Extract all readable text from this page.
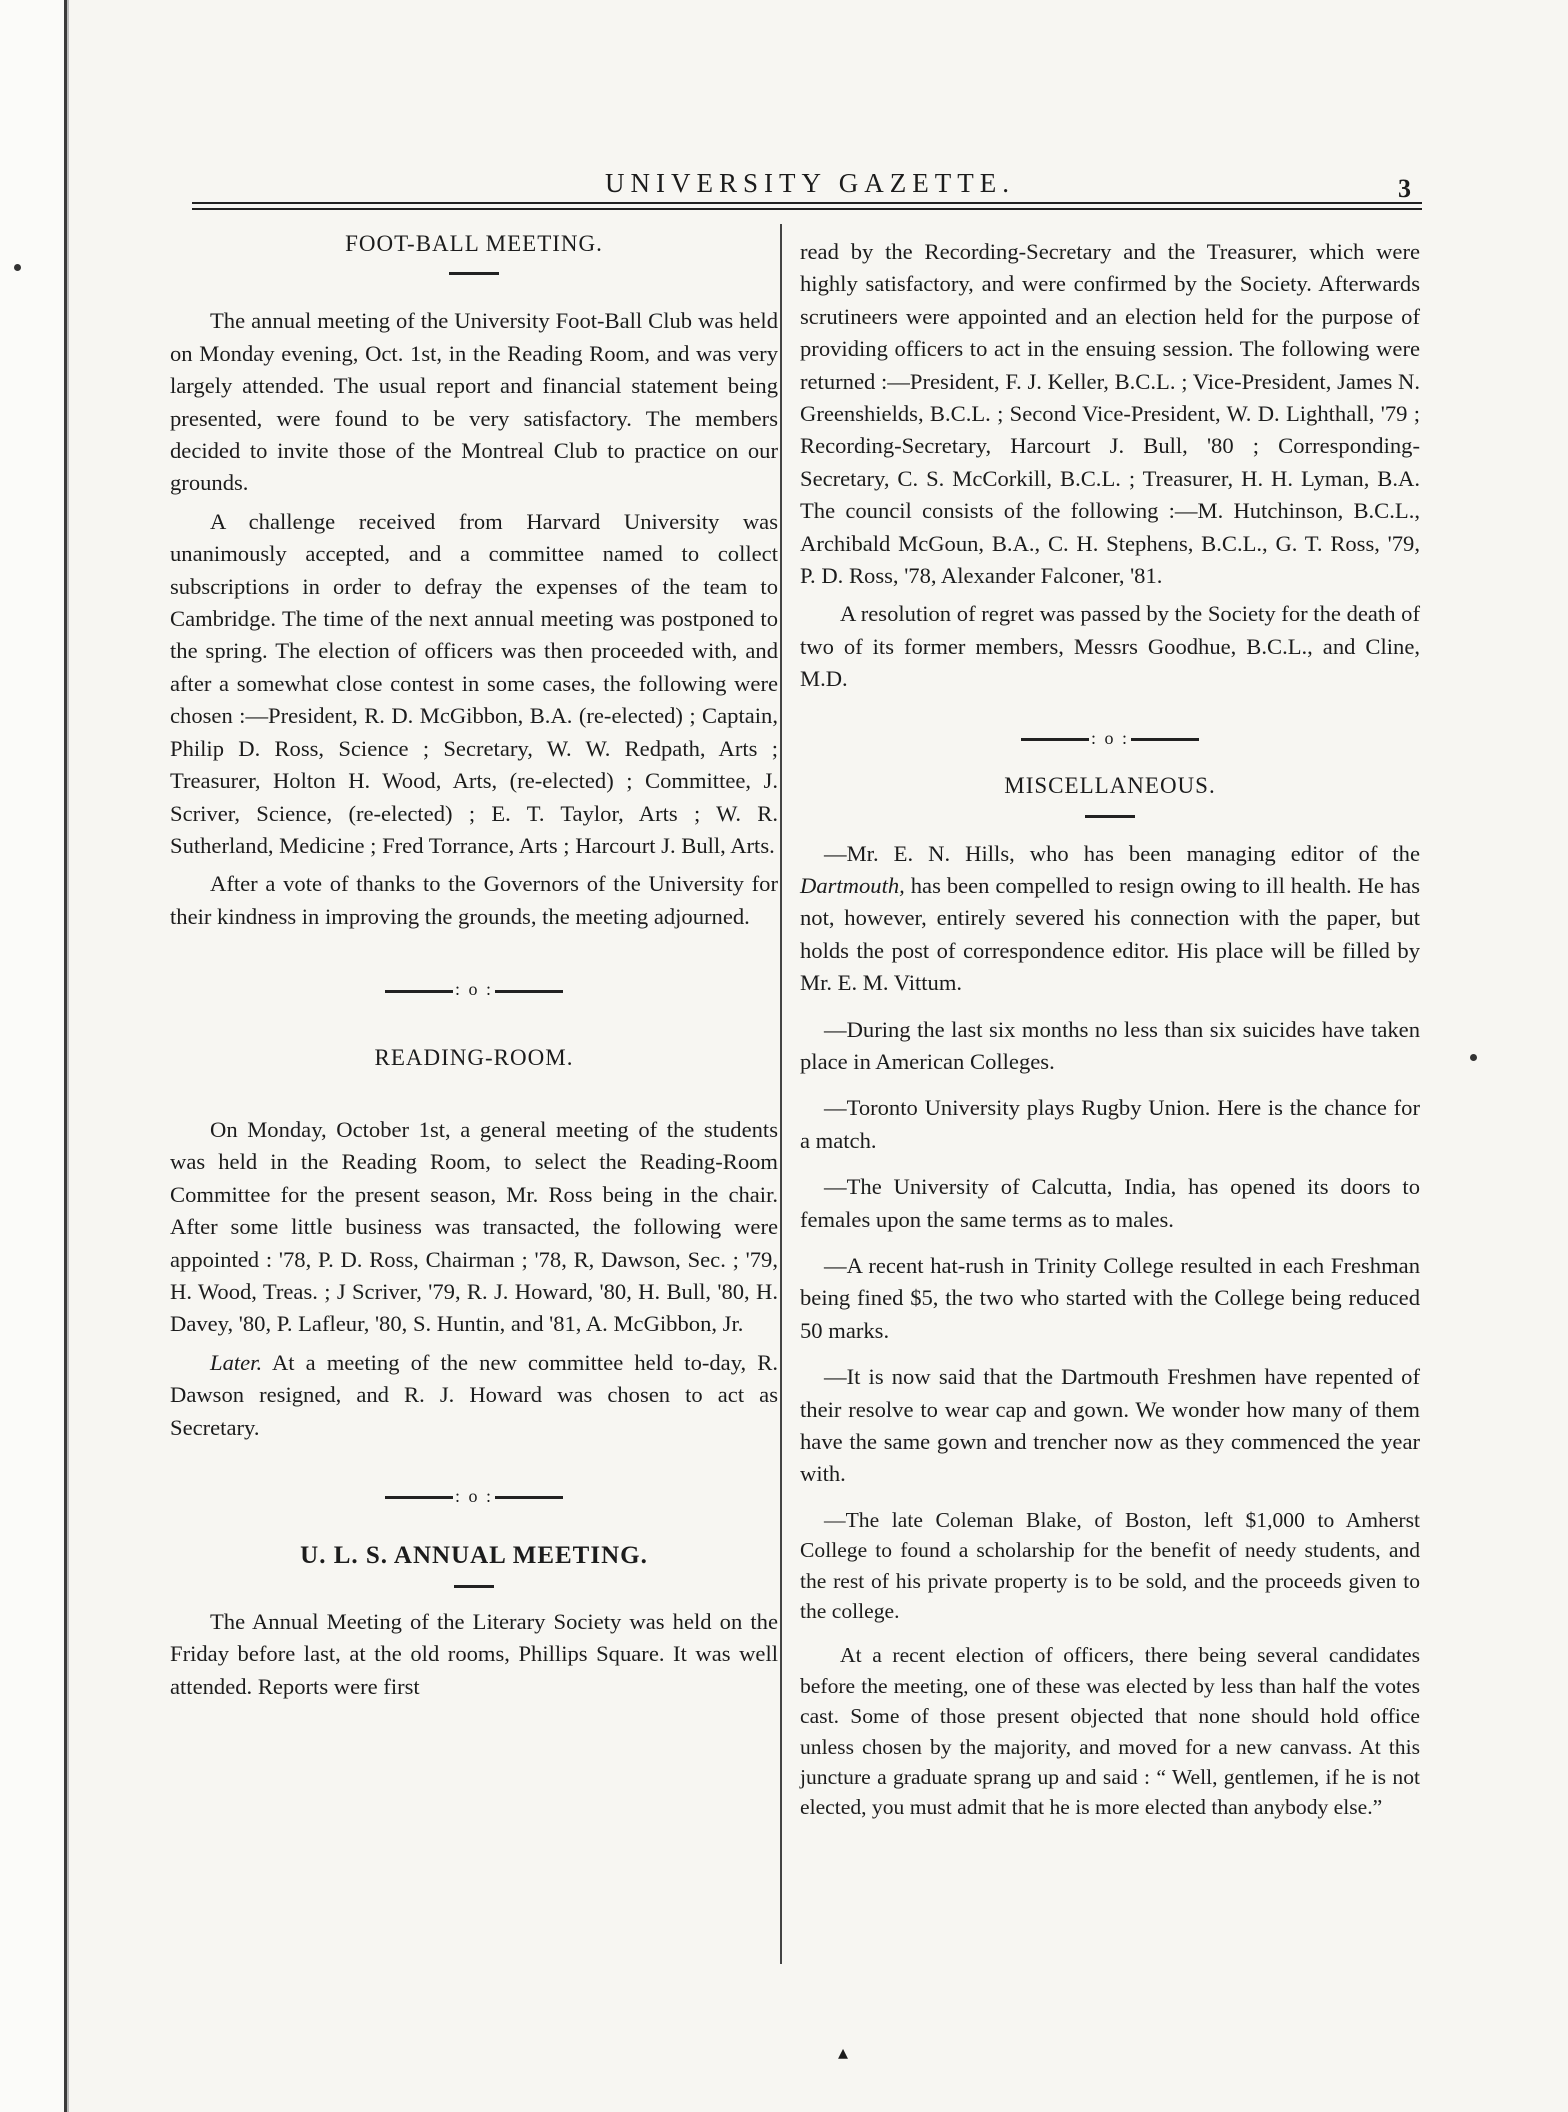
UNIVERSITY GAZETTE.	3
FOOT-BALL MEETING.

The annual meeting of the University Foot-Ball Club was held on Monday evening, Oct. 1st, in the Reading Room, and was very largely attended. The usual report and financial statement being presented, were found to be very satisfactory. The members decided to invite those of the Montreal Club to practice on our grounds.

A challenge received from Harvard University was unanimously accepted, and a committee named to collect subscriptions in order to defray the expenses of the team to Cambridge. The time of the next annual meeting was postponed to the spring. The election of officers was then proceeded with, and after a somewhat close contest in some cases, the following were chosen :—President, R. D. McGibbon, B.A. (re-elected) ; Captain, Philip D. Ross, Science ; Secretary, W. W. Redpath, Arts ; Treasurer, Holton H. Wood, Arts, (re-elected) ; Committee, J. Scriver, Science, (re-elected) ; E. T. Taylor, Arts ; W. R. Sutherland, Medicine ; Fred Torrance, Arts ; Harcourt J. Bull, Arts.

After a vote of thanks to the Governors of the University for their kindness in improving the grounds, the meeting adjourned.

: o :
READING-ROOM.

On Monday, October 1st, a general meeting of the students was held in the Reading Room, to select the Reading-Room Committee for the present season, Mr. Ross being in the chair. After some little business was transacted, the following were appointed : '78, P. D. Ross, Chairman ; '78, R, Dawson, Sec. ; '79, H. Wood, Treas. ; J Scriver, '79, R. J. Howard, '80, H. Bull, '80, H. Davey, '80, P. Lafleur, '80, S. Huntin, and '81, A. McGibbon, Jr.

Later. At a meeting of the new committee held to-day, R. Dawson resigned, and R. J. Howard was chosen to act as Secretary.

: o :
U. L. S. ANNUAL MEETING.

The Annual Meeting of the Literary Society was held on the Friday before last, at the old rooms, Phillips Square. It was well attended. Reports were first

read by the Recording-Secretary and the Treasurer, which were highly satisfactory, and were confirmed by the Society. Afterwards scrutineers were appointed and an election held for the purpose of providing officers to act in the ensuing session. The following were returned :—President, F. J. Keller, B.C.L. ; Vice-President, James N. Greenshields, B.C.L. ; Second Vice-President, W. D. Lighthall, '79 ; Recording-Secretary, Harcourt J. Bull, '80 ; Corresponding-Secretary, C. S. McCorkill, B.C.L. ; Treasurer, H. H. Lyman, B.A. The council consists of the following :—M. Hutchinson, B.C.L., Archibald McGoun, B.A., C. H. Stephens, B.C.L., G. T. Ross, '79, P. D. Ross, '78, Alexander Falconer, '81.

A resolution of regret was passed by the Society for the death of two of its former members, Messrs Goodhue, B.C.L., and Cline, M.D.

: o :
MISCELLANEOUS.

—Mr. E. N. Hills, who has been managing editor of the Dartmouth, has been compelled to resign owing to ill health. He has not, however, entirely severed his connection with the paper, but holds the post of correspondence editor. His place will be filled by Mr. E. M. Vittum.

—During the last six months no less than six suicides have taken place in American Colleges.

—Toronto University plays Rugby Union. Here is the chance for a match.

—The University of Calcutta, India, has opened its doors to females upon the same terms as to males.

—A recent hat-rush in Trinity College resulted in each Freshman being fined $5, the two who started with the College being reduced 50 marks.

—It is now said that the Dartmouth Freshmen have repented of their resolve to wear cap and gown. We wonder how many of them have the same gown and trencher now as they commenced the year with.

—The late Coleman Blake, of Boston, left $1,000 to Amherst College to found a scholarship for the benefit of needy students, and the rest of his private property is to be sold, and the proceeds given to the college.

At a recent election of officers, there being several candidates before the meeting, one of these was elected by less than half the votes cast. Some of those present objected that none should hold office unless chosen by the majority, and moved for a new canvass. At this juncture a graduate sprang up and said : “ Well, gentlemen, if he is not elected, you must admit that he is more elected than anybody else.”

▴
